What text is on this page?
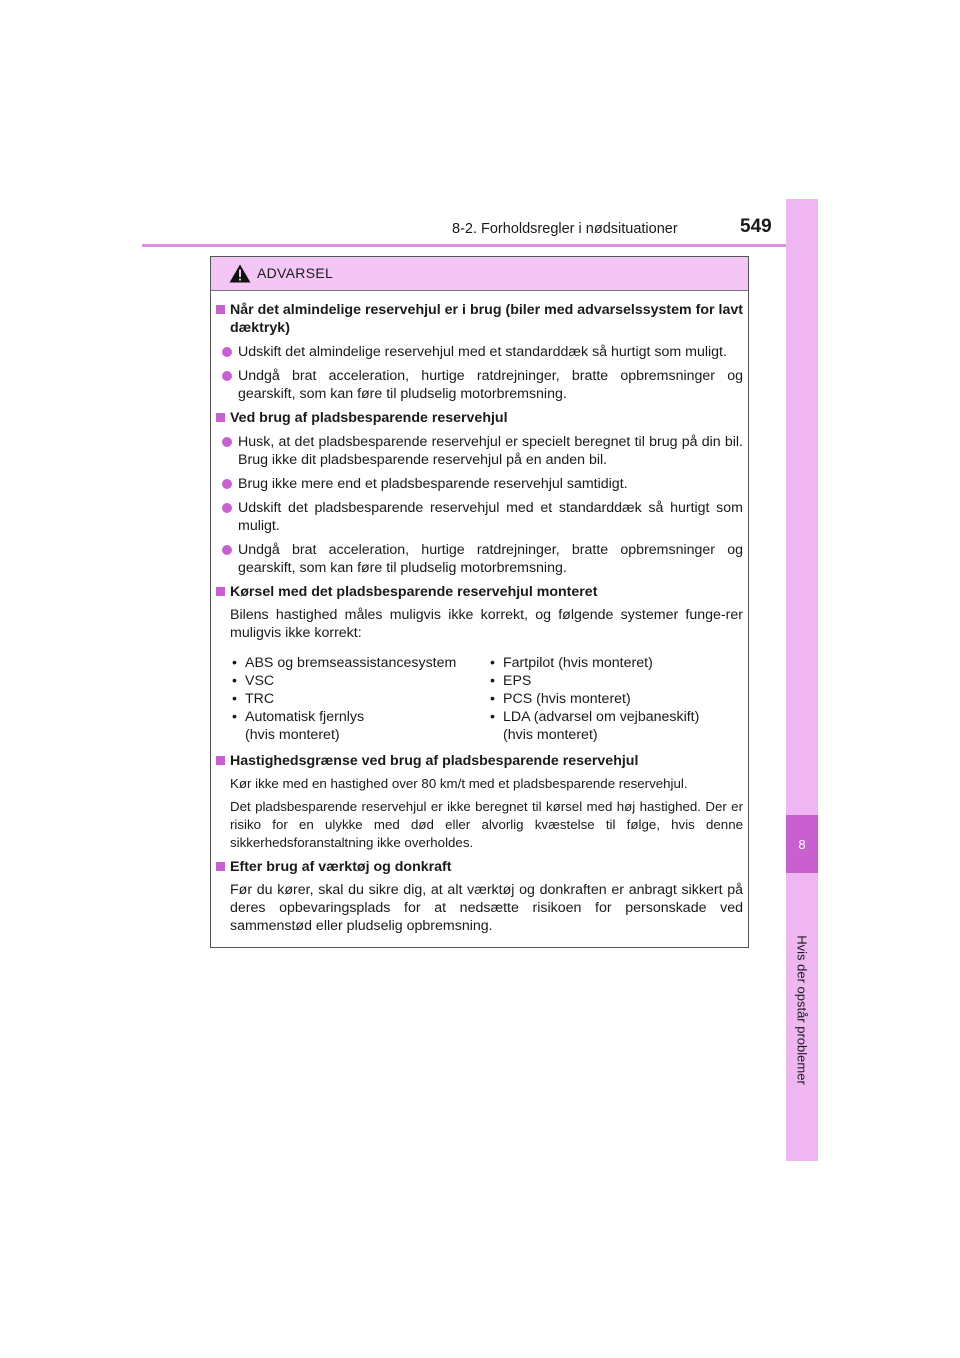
8-2. Forholdsregler i nødsituationer	549
8
Hvis der opstår problemer
ADVARSEL
Når det almindelige reservehjul er i brug (biler med advarselssystem for lavt dæktryk)
Udskift det almindelige reservehjul med et standarddæk så hurtigt som muligt.
Undgå brat acceleration, hurtige ratdrejninger, bratte opbremsninger og gearskift, som kan føre til pludselig motorbremsning.
Ved brug af pladsbesparende reservehjul
Husk, at det pladsbesparende reservehjul er specielt beregnet til brug på din bil. Brug ikke dit pladsbesparende reservehjul på en anden bil.
Brug ikke mere end et pladsbesparende reservehjul samtidigt.
Udskift det pladsbesparende reservehjul med et standarddæk så hurtigt som muligt.
Undgå brat acceleration, hurtige ratdrejninger, bratte opbremsninger og gearskift, som kan føre til pludselig motorbremsning.
Kørsel med det pladsbesparende reservehjul monteret
Bilens hastighed måles muligvis ikke korrekt, og følgende systemer funge-rer muligvis ikke korrekt:
• ABS og bremseassistancesystem
• VSC
• TRC
• Automatisk fjernlys
(hvis monteret)
• Fartpilot (hvis monteret)
• EPS
• PCS (hvis monteret)
• LDA (advarsel om vejbaneskift)
(hvis monteret)
Hastighedsgrænse ved brug af pladsbesparende reservehjul
Kør ikke med en hastighed over 80 km/t med et pladsbesparende reservehjul.
Det pladsbesparende reservehjul er ikke beregnet til kørsel med høj hastighed. Der er risiko for en ulykke med død eller alvorlig kvæstelse til følge, hvis denne sikkerhedsforanstaltning ikke overholdes.
Efter brug af værktøj og donkraft
Før du kører, skal du sikre dig, at alt værktøj og donkraften er anbragt sikkert på deres opbevaringsplads for at nedsætte risikoen for personskade ved sammenstød eller pludselig opbremsning.
